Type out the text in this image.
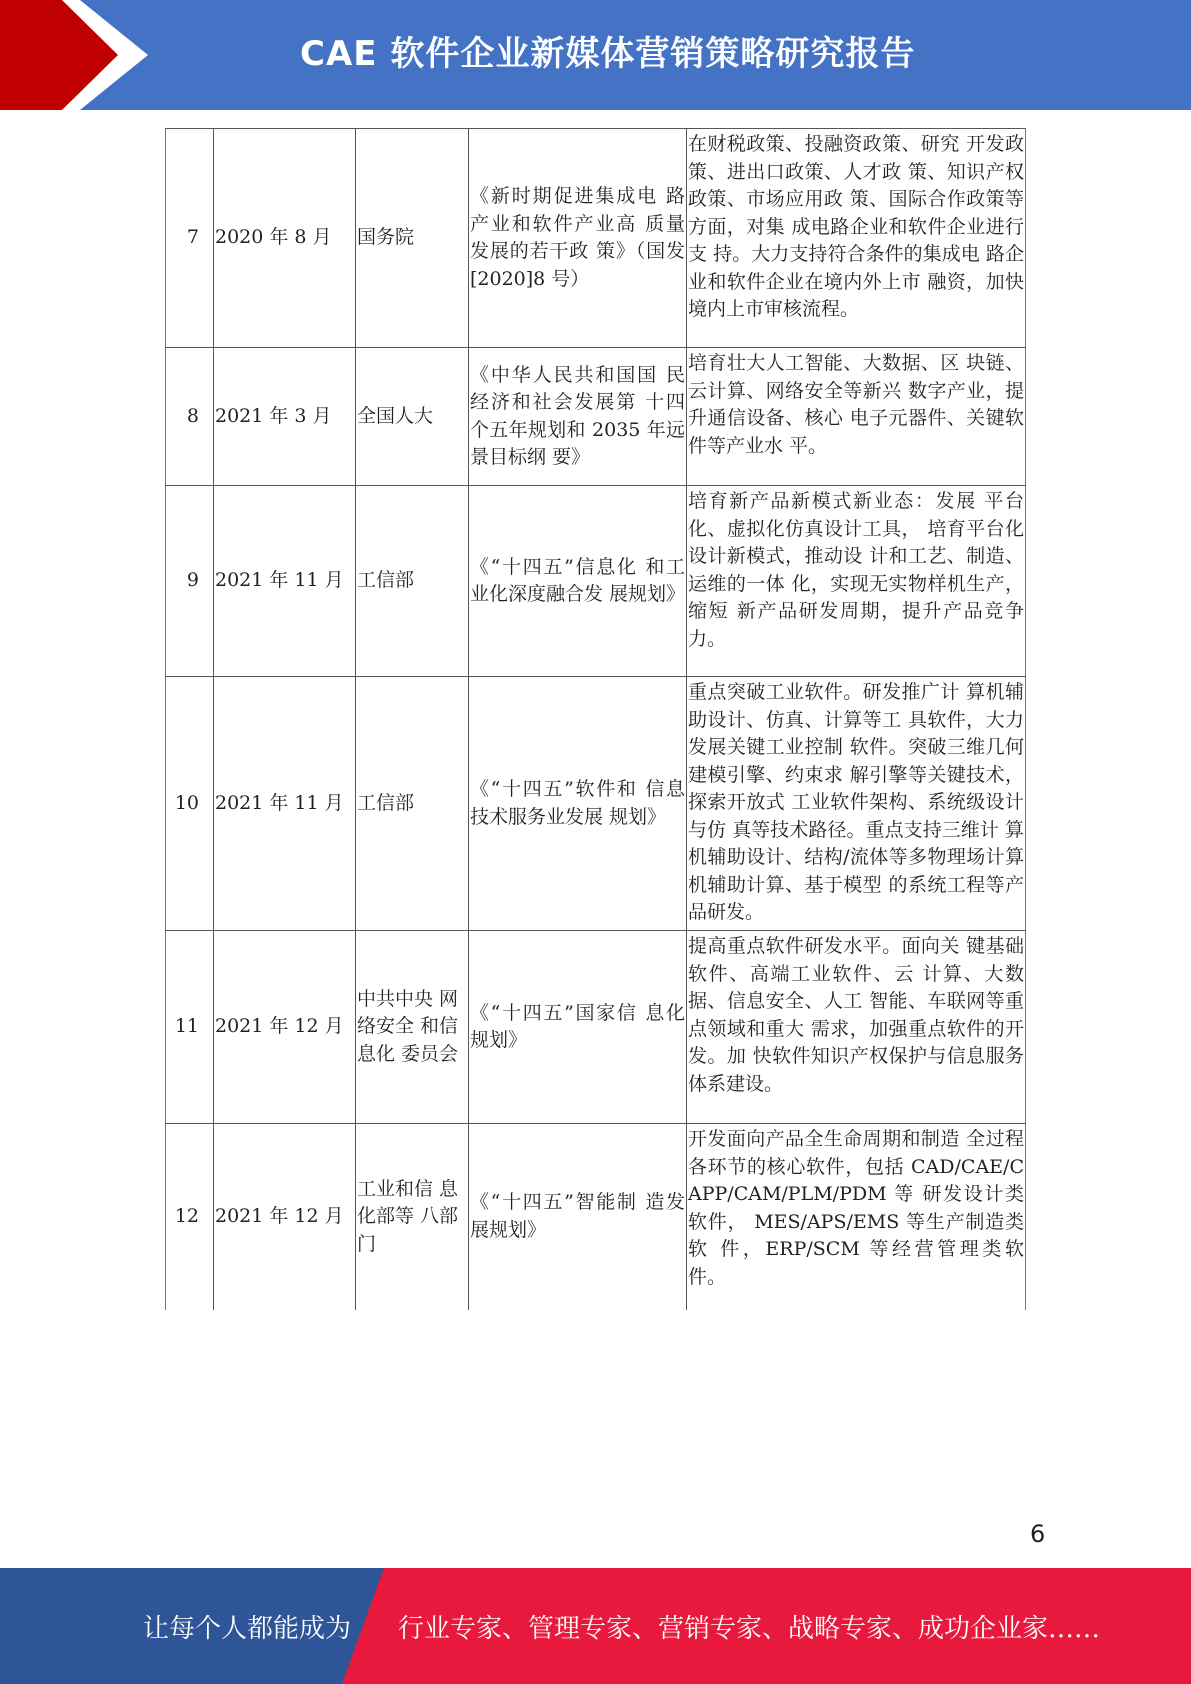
CAE 软件企业新媒体营销策略研究报告
7	2020 年 8 月	国务院	《新时期促进集成电 路产业和软件产业高 质量发展的若干政 策》（国发[2020]8 号）	在财税政策、投融资政策、研究 开发政策、进出口政策、人才政 策、知识产权政策、市场应用政 策、国际合作政策等方面，对集 成电路企业和软件企业进行支 持。大力支持符合条件的集成电 路企业和软件企业在境内外上市 融资，加快境内上市审核流程。
8	2021 年 3 月	全国人大	《中华人民共和国国 民经济和社会发展第 十四个五年规划和 2035 年远景目标纲 要》	培育壮大人工智能、大数据、区 块链、云计算、网络安全等新兴 数字产业，提升通信设备、核心 电子元器件、关键软件等产业水 平。
9	2021 年 11 月	工信部	《“十四五”信息化 和工业化深度融合发 展规划》	培育新产品新模式新业态：发展 平台化、虚拟化仿真设计工具， 培育平台化设计新模式，推动设 计和工艺、制造、运维的一体 化，实现无实物样机生产，缩短 新产品研发周期，提升产品竞争 力。
10	2021 年 11 月	工信部	《“十四五”软件和 信息技术服务业发展 规划》	重点突破工业软件。研发推广计 算机辅助设计、仿真、计算等工 具软件，大力发展关键工业控制 软件。突破三维几何建模引擎、约束求 解引擎等关键技术，探索开放式 工业软件架构、系统级设计与仿 真等技术路径。重点支持三维计 算机辅助设计、结构/流体等多物理场计算机辅助计算、基于模型 的系统工程等产品研发。
11	2021 年 12 月	中共中央 网络安全 和信息化 委员会	《“十四五”国家信 息化规划》	提高重点软件研发水平。面向关 键基础软件、高端工业软件、云 计算、大数据、信息安全、人工 智能、车联网等重点领域和重大 需求，加强重点软件的开发。加 快软件知识产权保护与信息服务 体系建设。
12	2021 年 12 月	工业和信 息化部等 八部门	《“十四五”智能制 造发展规划》	开发面向产品全生命周期和制造 全过程各环节的核心软件，包括 CAD/CAE/CAPP/CAM/PLM/PDM 等 研发设计类软件， MES/APS/EMS 等生产制造类软 件，ERP/SCM 等经营管理类软 件。
6
让每个人都能成为 行业专家、管理专家、营销专家、战略专家、成功企业家……
